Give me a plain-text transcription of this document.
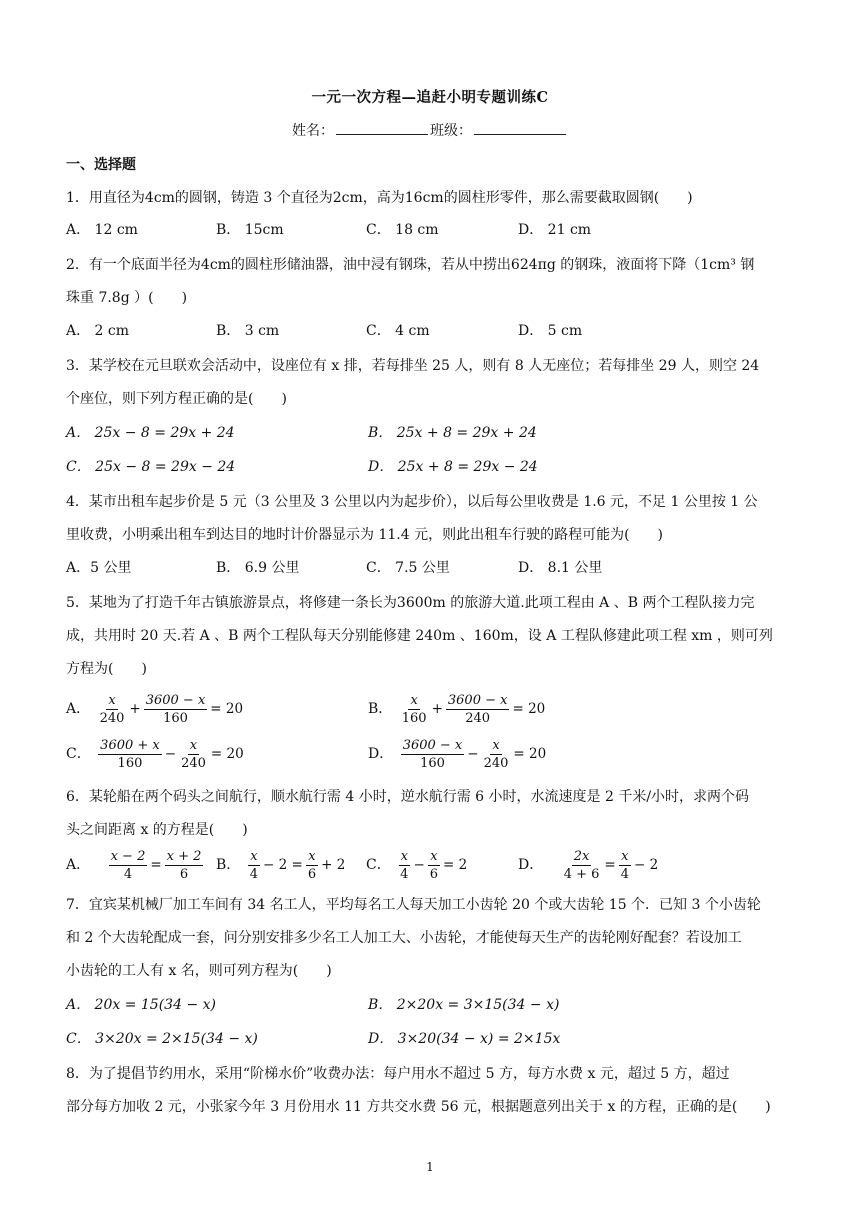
一元一次方程—追赶小明专题训练C
姓名：	班级：
一、选择题

1．用直径为4cm的圆钢，铸造 3 个直径为2cm，高为16cm的圆柱形零件，那么需要截取圆钢(　　)

A． 12 cm	B． 15cm	C． 18 cm	D． 21 cm

2．有一个底面半径为4cm的圆柱形储油器，油中浸有钢珠，若从中捞出624πg 的钢珠，液面将下降（1cm³ 钢

珠重 7.8g ）(　　)

A． 2 cm	B． 3 cm	C． 4 cm	D． 5 cm

3．某学校在元旦联欢会活动中，设座位有 x 排，若每排坐 25 人，则有 8 人无座位；若每排坐 29 人，则空 24

个座位，则下列方程正确的是(　　)

A． 25x − 8 = 29x + 24	B． 25x + 8 = 29x + 24
C． 25x − 8 = 29x − 24	D． 25x + 8 = 29x − 24

4．某市出租车起步价是 5 元（3 公里及 3 公里以内为起步价），以后每公里收费是 1.6 元，不足 1 公里按 1 公

里收费，小明乘出租车到达目的地时计价器显示为 11.4 元，则此出租车行驶的路程可能为(　　)

A．5 公里	B． 6.9 公里	C． 7.5 公里	D． 8.1 公里

5．某地为了打造千年古镇旅游景点，将修建一条长为3600m 的旅游大道.此项工程由 A 、B 两个工程队接力完

成，共用时 20 天.若 A 、B 两个工程队每天分别能修建 240m 、160m，设 A 工程队修建此项工程 xm ，则可列

方程为(　　)

A． $\frac{x}{240} + \frac{3600 - x}{160} = 20$	B． $\frac{x}{160} + \frac{3600 - x}{240} = 20$
C． $\frac{3600 + x}{160} - \frac{x}{240} = 20$	D． $\frac{3600 - x}{160} - \frac{x}{240} = 20$

6．某轮船在两个码头之间航行，顺水航行需 4 小时，逆水航行需 6 小时，水流速度是 2 千米/小时，求两个码

头之间距离 x 的方程是(　　)

A． $\frac{x - 2}{4} = \frac{x + 2}{6}$ B． $\frac{x}{4} - 2 = \frac{x}{6} + 2$ C． $\frac{x}{4} - \frac{x}{6} = 2$	D． $\frac{2x}{4 + 6} = \frac{x}{4} - 2$

7．宜宾某机械厂加工车间有 34 名工人，平均每名工人每天加工小齿轮 20 个或大齿轮 15 个．已知 3 个小齿轮

和 2 个大齿轮配成一套，问分别安排多少名工人加工大、小齿轮，才能使每天生产的齿轮刚好配套？若设加工

小齿轮的工人有 x 名，则可列方程为(　　)

A． 20x = 15(34 − x)	B． 2×20x = 3×15(34 − x)
C． 3×20x = 2×15(34 − x)	D． 3×20(34 − x) = 2×15x

8．为了提倡节约用水，采用“阶梯水价”收费办法：每户用水不超过 5 方，每方水费 x 元，超过 5 方，超过

部分每方加收 2 元，小张家今年 3 月份用水 11 方共交水费 56 元，根据题意列出关于 x 的方程，正确的是(　　)

1
